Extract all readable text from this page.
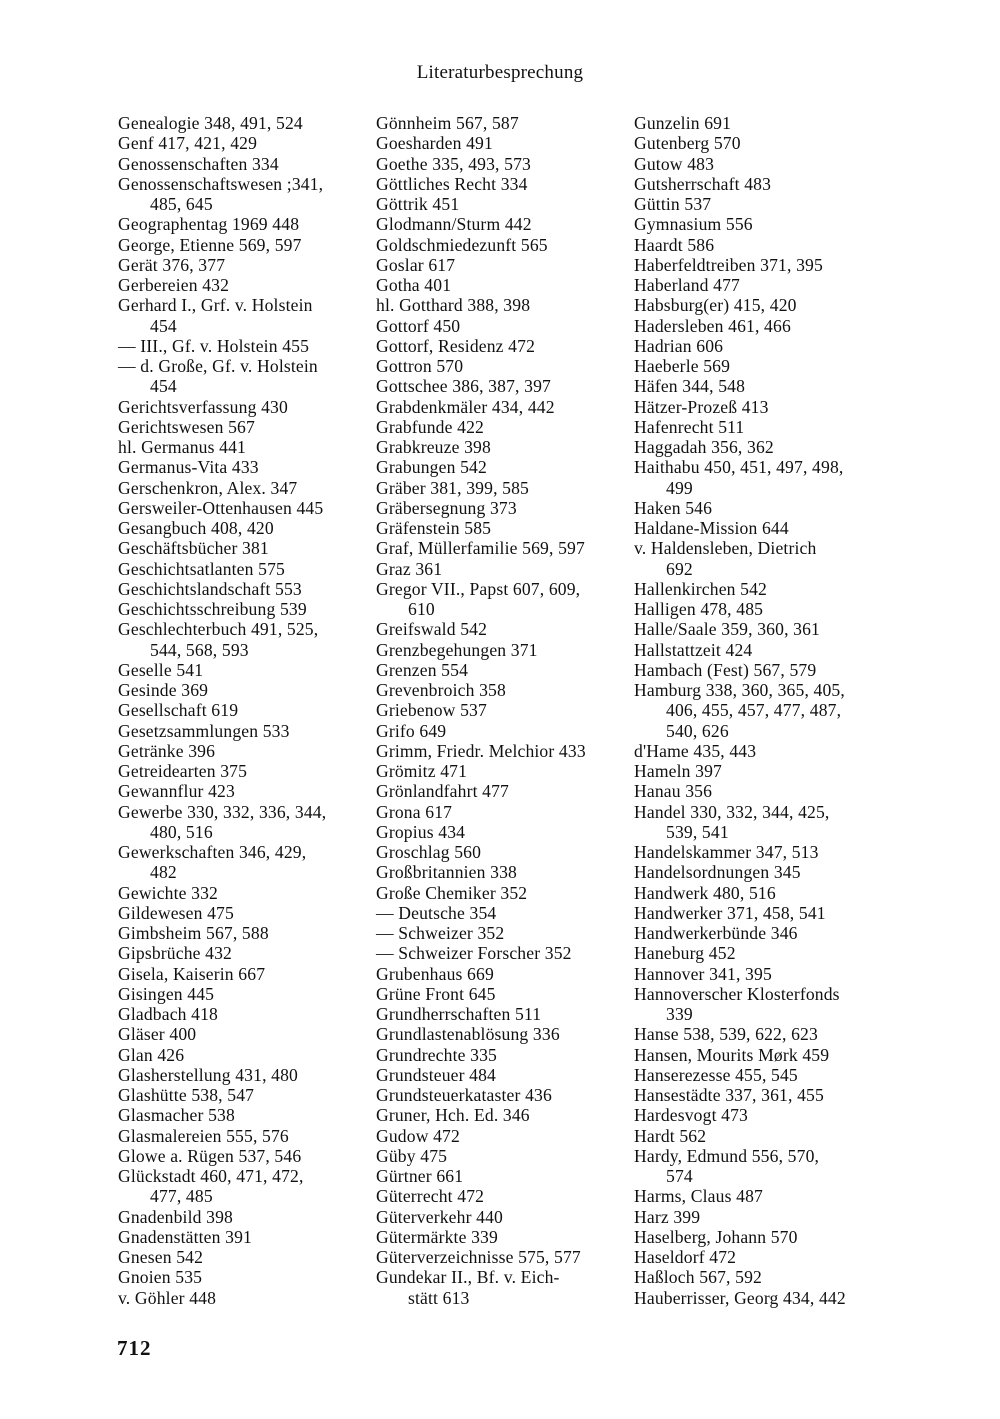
Literaturbesprechung
Genealogie 348, 491, 524
Genf 417, 421, 429
Genossenschaften 334
Genossenschaftswesen ;341,
485, 645
Geographentag 1969 448
George, Etienne 569, 597
Gerät 376, 377
Gerbereien 432
Gerhard I., Grf. v. Holstein
454
— III., Gf. v. Holstein 455
— d. Große, Gf. v. Holstein
454
Gerichtsverfassung 430
Gerichtswesen 567
hl. Germanus 441
Germanus-Vita 433
Gerschenkron, Alex. 347
Gersweiler-Ottenhausen 445
Gesangbuch 408, 420
Geschäftsbücher 381
Geschichtsatlanten 575
Geschichtslandschaft 553
Geschichtsschreibung 539
Geschlechterbuch 491, 525,
544, 568, 593
Geselle 541
Gesinde 369
Gesellschaft 619
Gesetzsammlungen 533
Getränke 396
Getreidearten 375
Gewannflur 423
Gewerbe 330, 332, 336, 344,
480, 516
Gewerkschaften 346, 429,
482
Gewichte 332
Gildewesen 475
Gimbsheim 567, 588
Gipsbrüche 432
Gisela, Kaiserin 667
Gisingen 445
Gladbach 418
Gläser 400
Glan 426
Glasherstellung 431, 480
Glashütte 538, 547
Glasmacher 538
Glasmalereien 555, 576
Glowe a. Rügen 537, 546
Glückstadt 460, 471, 472,
477, 485
Gnadenbild 398
Gnadenstätten 391
Gnesen 542
Gnoien 535
v. Göhler 448
Gönnheim 567, 587
Goesharden 491
Goethe 335, 493, 573
Göttliches Recht 334
Göttrik 451
Glodmann/Sturm 442
Goldschmiedezunft 565
Goslar 617
Gotha 401
hl. Gotthard 388, 398
Gottorf 450
Gottorf, Residenz 472
Gottron 570
Gottschee 386, 387, 397
Grabdenkmäler 434, 442
Grabfunde 422
Grabkreuze 398
Grabungen 542
Gräber 381, 399, 585
Gräbersegnung 373
Gräfenstein 585
Graf, Müllerfamilie 569, 597
Graz 361
Gregor VII., Papst 607, 609,
610
Greifswald 542
Grenzbegehungen 371
Grenzen 554
Grevenbroich 358
Griebenow 537
Grifo 649
Grimm, Friedr. Melchior 433
Grömitz 471
Grönlandfahrt 477
Grona 617
Gropius 434
Groschlag 560
Großbritannien 338
Große Chemiker 352
— Deutsche 354
— Schweizer 352
— Schweizer Forscher 352
Grubenhaus 669
Grüne Front 645
Grundherrschaften 511
Grundlastenablösung 336
Grundrechte 335
Grundsteuer 484
Grundsteuerkataster 436
Gruner, Hch. Ed. 346
Gudow 472
Güby 475
Gürtner 661
Güterrecht 472
Güterverkehr 440
Gütermärkte 339
Güterverzeichnisse 575, 577
Gundekar II., Bf. v. Eich-
stätt 613
Gunzelin 691
Gutenberg 570
Gutow 483
Gutsherrschaft 483
Güttin 537
Gymnasium 556
Haardt 586
Haberfeldtreiben 371, 395
Haberland 477
Habsburg(er) 415, 420
Hadersleben 461, 466
Hadrian 606
Haeberle 569
Häfen 344, 548
Hätzer-Prozeß 413
Hafenrecht 511
Haggadah 356, 362
Haithabu 450, 451, 497, 498,
499
Haken 546
Haldane-Mission 644
v. Haldensleben, Dietrich
692
Hallenkirchen 542
Halligen 478, 485
Halle/Saale 359, 360, 361
Hallstattzeit 424
Hambach (Fest) 567, 579
Hamburg 338, 360, 365, 405,
406, 455, 457, 477, 487,
540, 626
d'Hame 435, 443
Hameln 397
Hanau 356
Handel 330, 332, 344, 425,
539, 541
Handelskammer 347, 513
Handelsordnungen 345
Handwerk 480, 516
Handwerker 371, 458, 541
Handwerkerbünde 346
Haneburg 452
Hannover 341, 395
Hannoverscher Klosterfonds
339
Hanse 538, 539, 622, 623
Hansen, Mourits Mørk 459
Hanserezesse 455, 545
Hansestädte 337, 361, 455
Hardesvogt 473
Hardt 562
Hardy, Edmund 556, 570,
574
Harms, Claus 487
Harz 399
Haselberg, Johann 570
Haseldorf 472
Haßloch 567, 592
Hauberrisser, Georg 434, 442
712
